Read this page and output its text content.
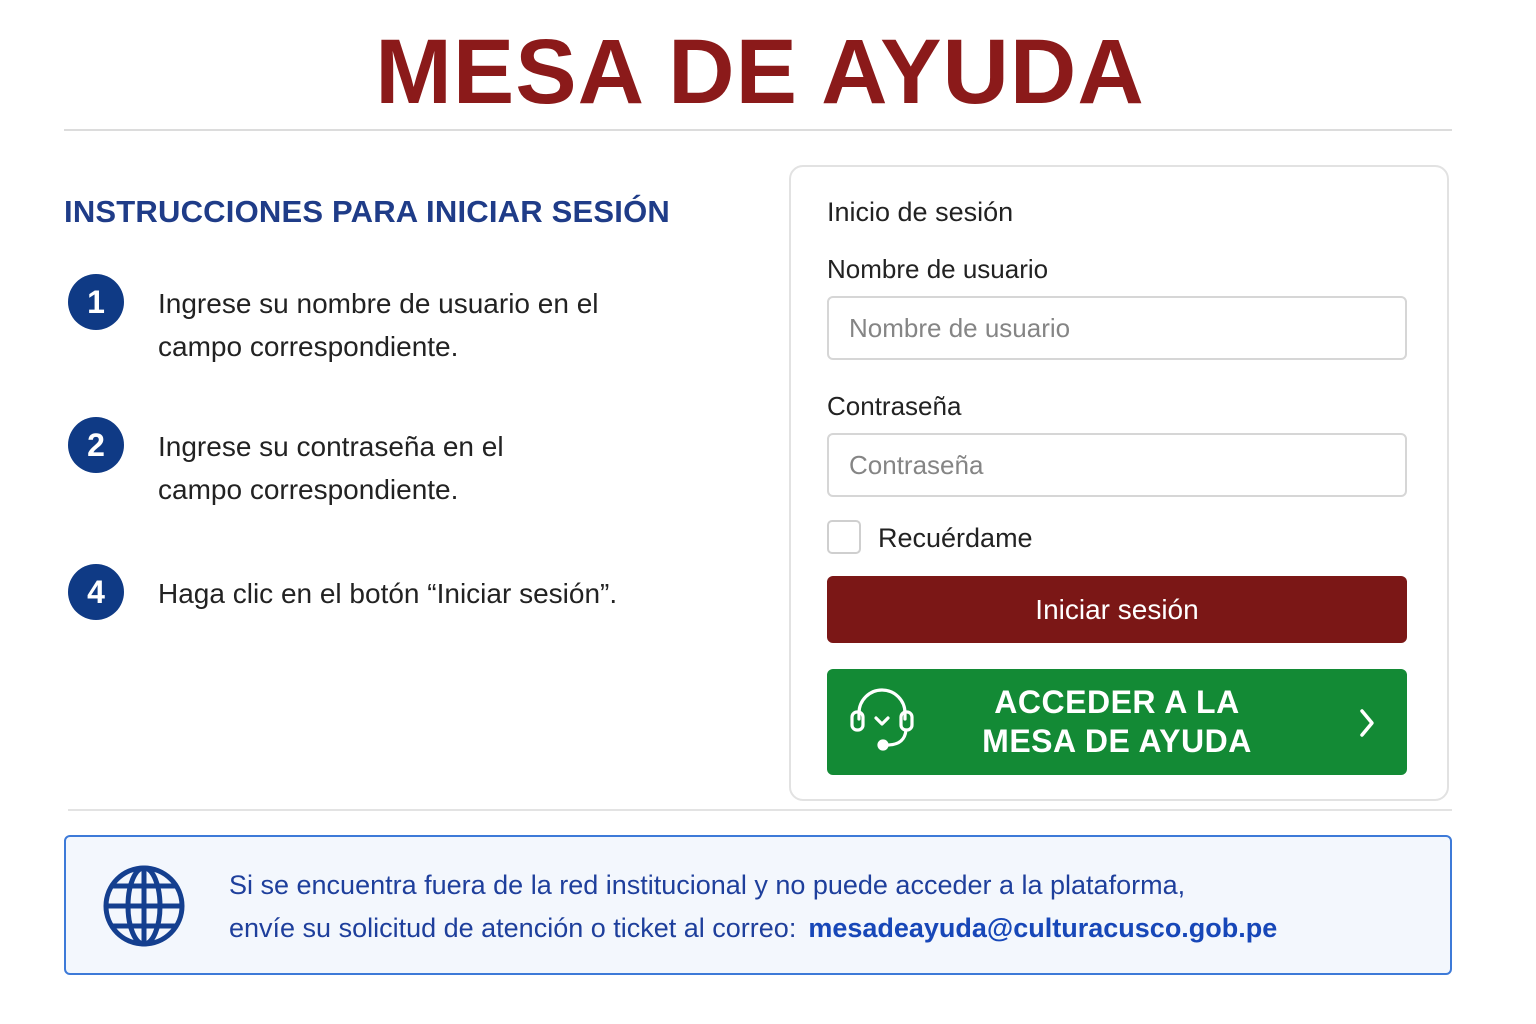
MESA DE AYUDA
INSTRUCCIONES PARA INICIAR SESIÓN
1	Ingrese su nombre de usuario en el
campo correspondiente.
2	Ingrese su contraseña en el
campo correspondiente.
4	Haga clic en el botón “Iniciar sesión”.
Inicio de sesión
Nombre de usuario
Nombre de usuario
Contraseña
Recuérdame
Iniciar sesión
ACCEDER A LA
MESA DE AYUDA
Si se encuentra fuera de la red institucional y no puede acceder a la plataforma,
envíe su solicitud de atención o ticket al correo: mesadeayuda@culturacusco.gob.pe
